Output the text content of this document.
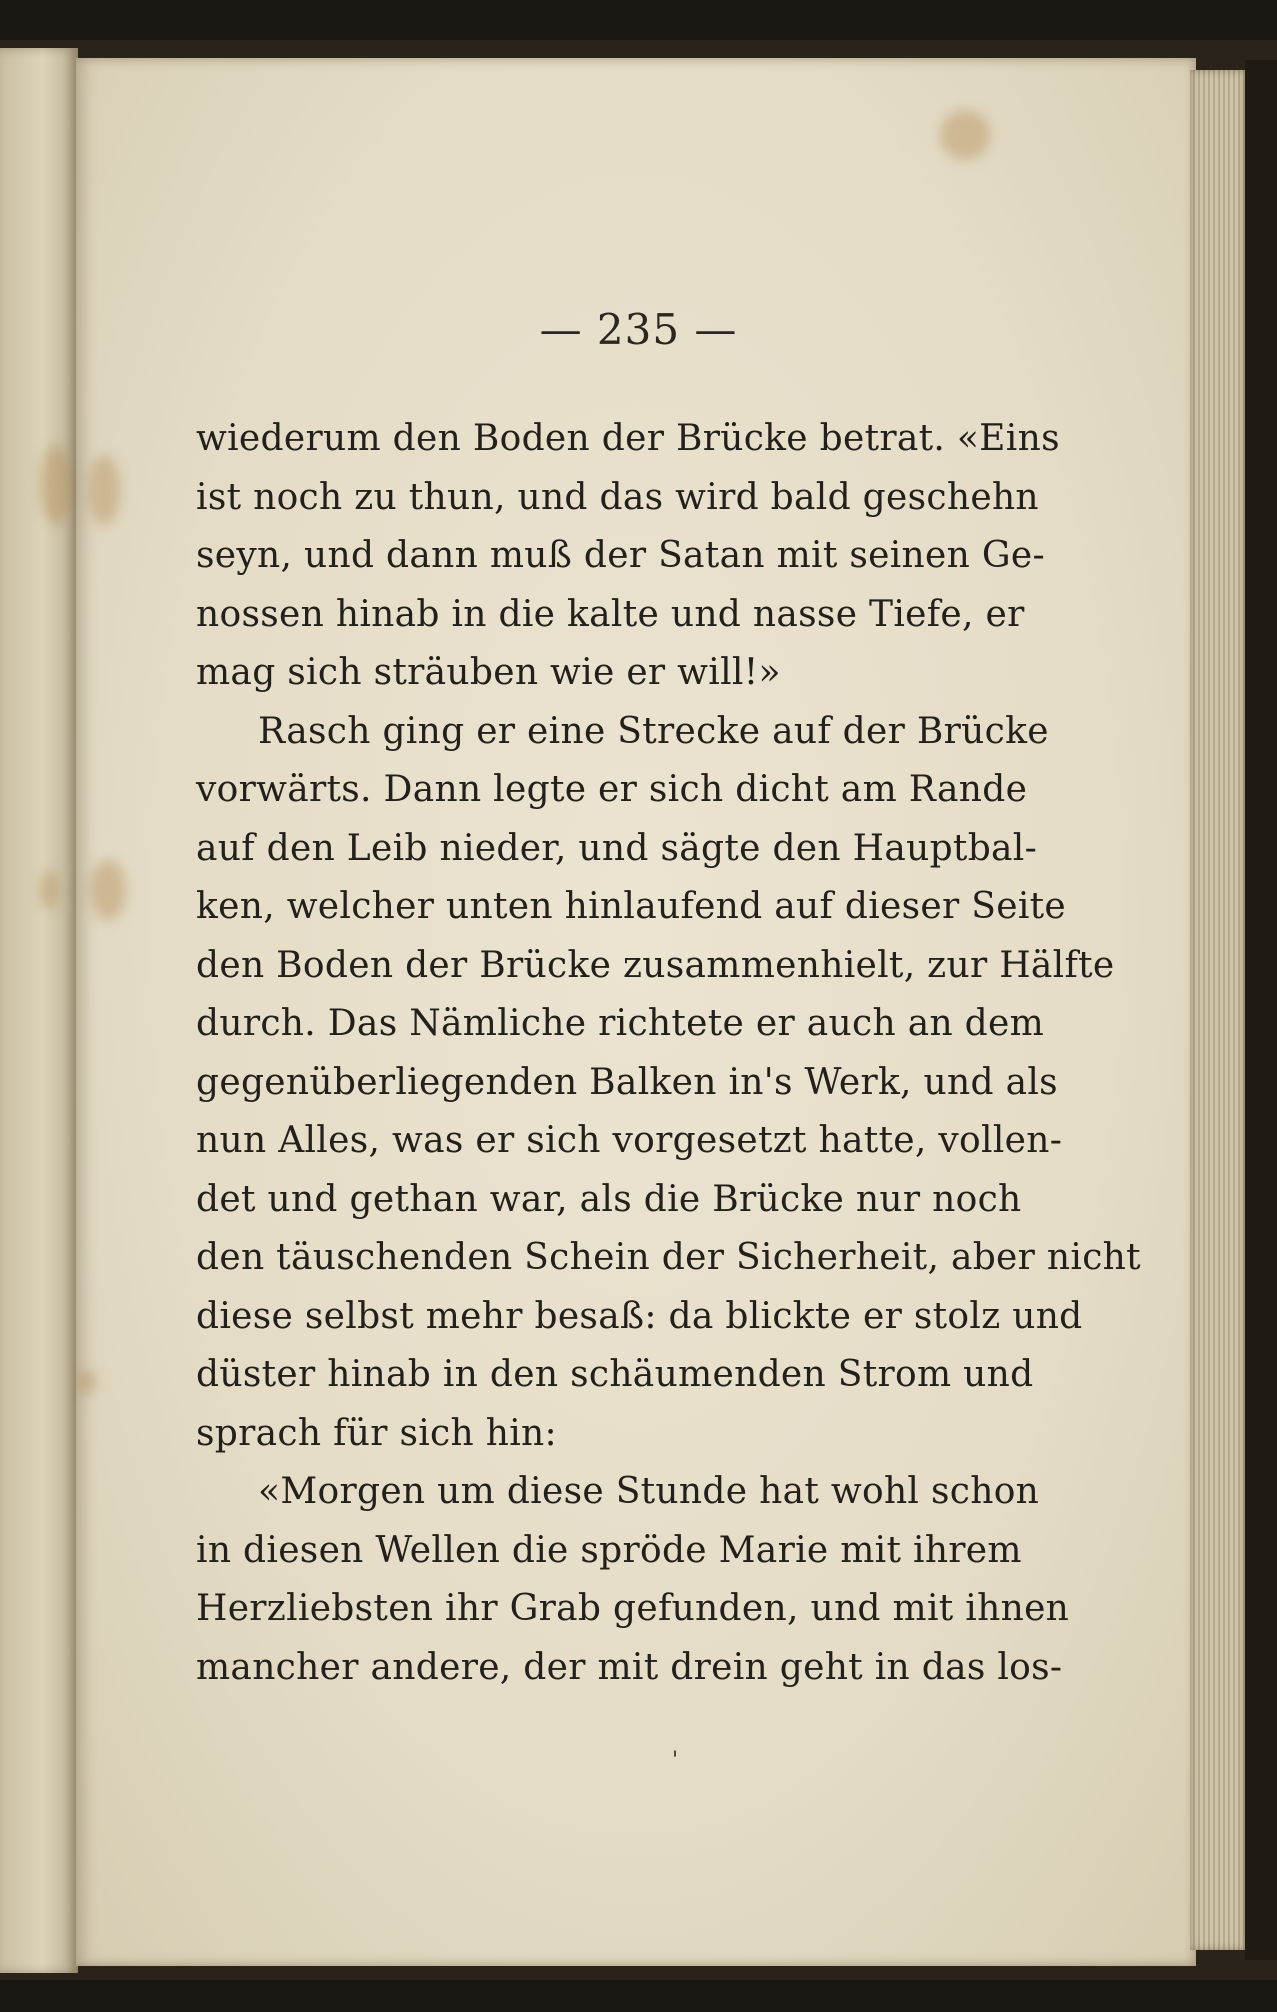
— 235 —
wiederum den Boden der Brücke betrat. «Eins
ist noch zu thun, und das wird bald geschehn
seyn, und dann muß der Satan mit seinen Ge-
nossen hinab in die kalte und nasse Tiefe, er
mag sich sträuben wie er will!»
Rasch ging er eine Strecke auf der Brücke
vorwärts. Dann legte er sich dicht am Rande
auf den Leib nieder, und sägte den Hauptbal-
ken, welcher unten hinlaufend auf dieser Seite
den Boden der Brücke zusammenhielt, zur Hälfte
durch. Das Nämliche richtete er auch an dem
gegenüberliegenden Balken in's Werk, und als
nun Alles, was er sich vorgesetzt hatte, vollen-
det und gethan war, als die Brücke nur noch
den täuschenden Schein der Sicherheit, aber nicht
diese selbst mehr besaß: da blickte er stolz und
düster hinab in den schäumenden Strom und
sprach für sich hin:
«Morgen um diese Stunde hat wohl schon
in diesen Wellen die spröde Marie mit ihrem
Herzliebsten ihr Grab gefunden, und mit ihnen
mancher andere, der mit drein geht in das los-
'
